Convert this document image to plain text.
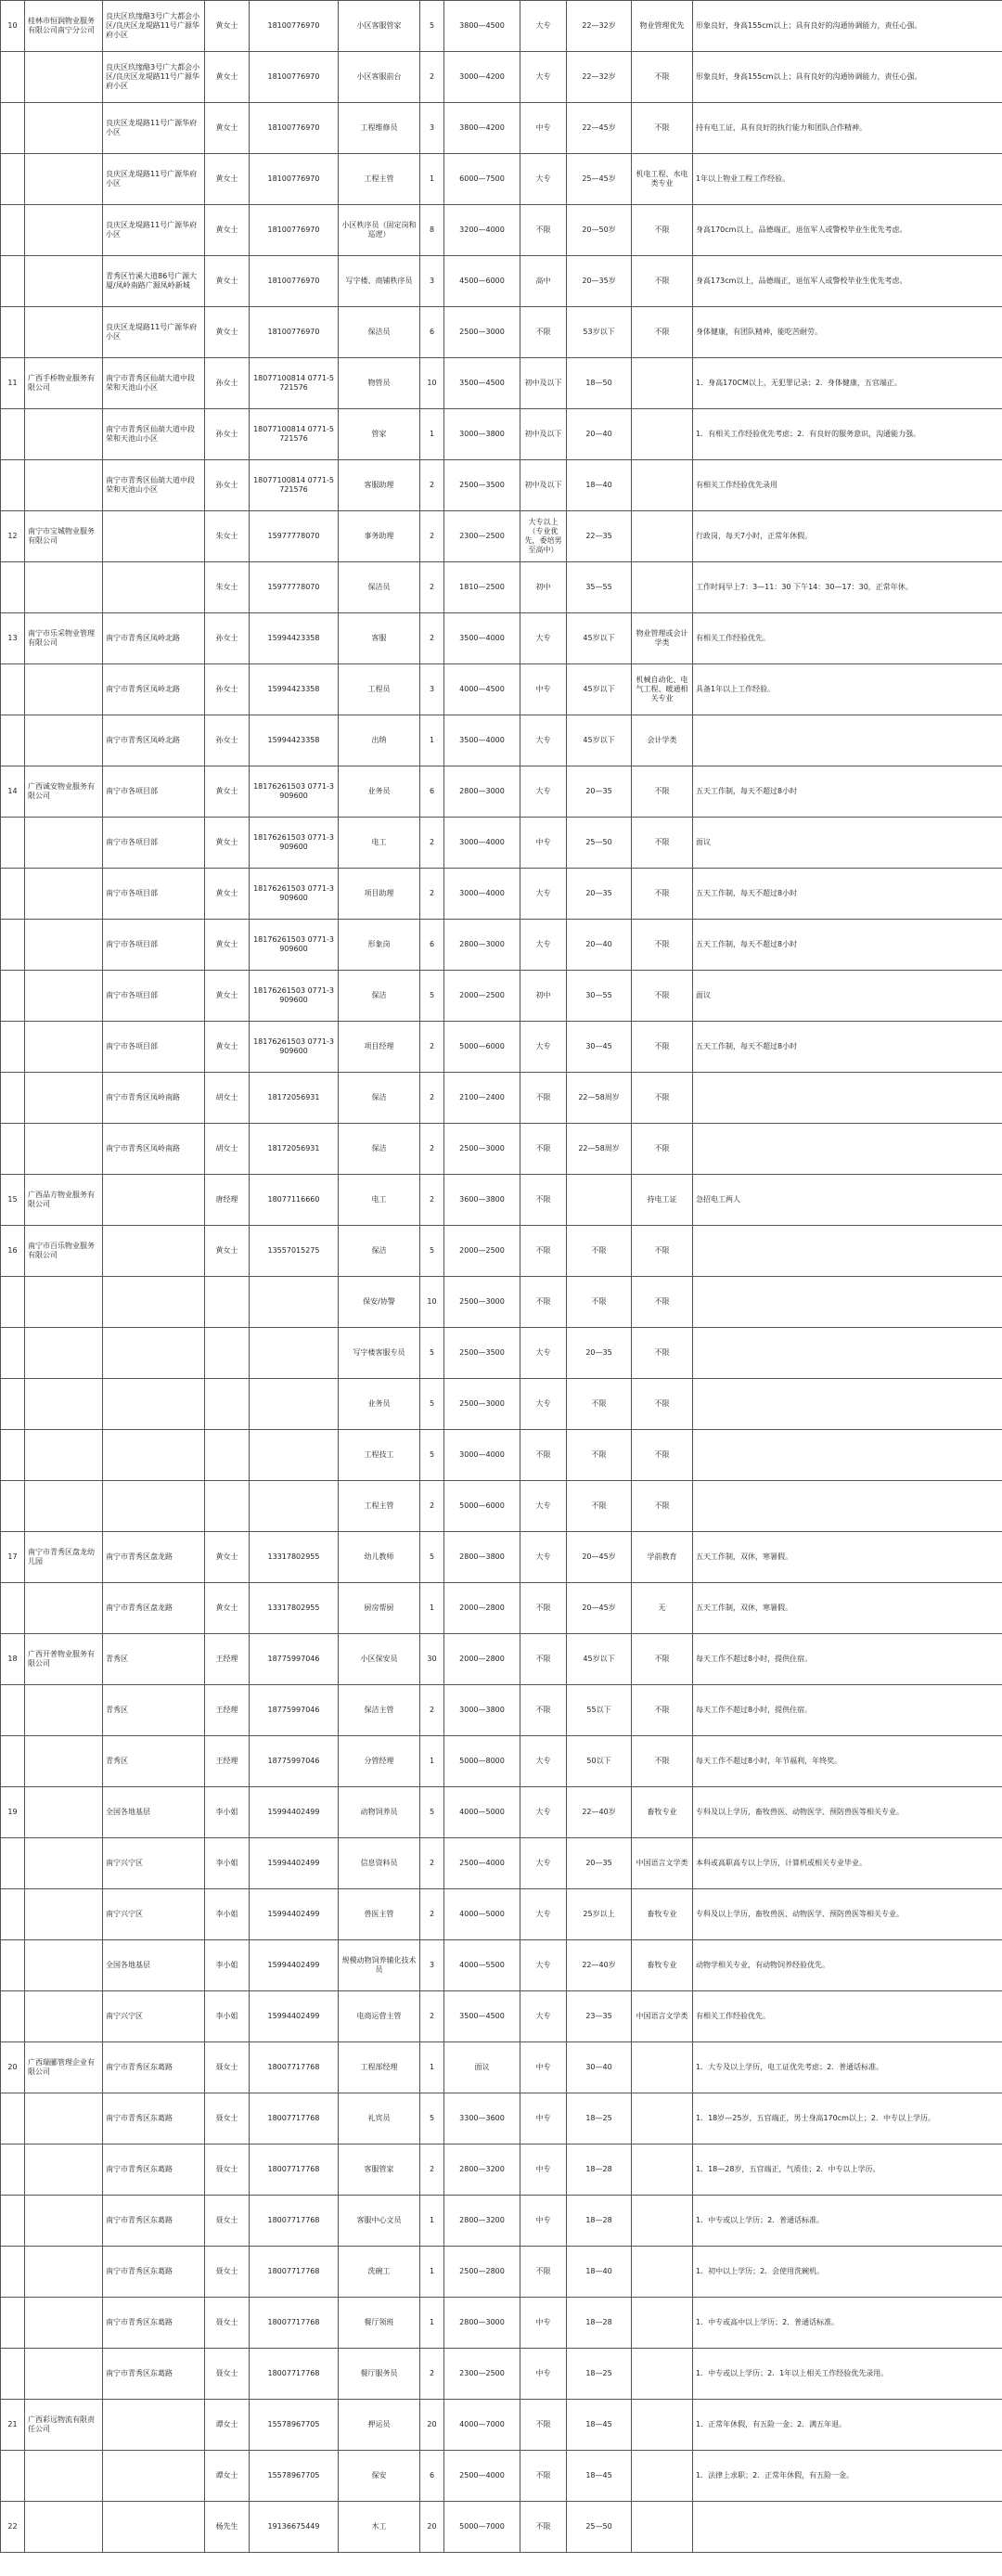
10	桂林市恒润物业服务有限公司南宁分公司	良庆区玖缘酪3号广大都会小区/良庆区龙堤路11号广源华府小区	黄女士	18100776970	小区客服管家	5	3800—4500	大专	22—32岁	物业管理优先	形象良好，身高155cm以上；具有良好的沟通协调能力，责任心强。
		良庆区玖缘酪3号广大都会小区/良庆区龙堤路11号广源华府小区	黄女士	18100776970	小区客服前台	2	3000—4200	大专	22—32岁	不限	形象良好，身高155cm以上；具有良好的沟通协调能力，责任心强。
		良庆区龙堤路11号广源华府小区	黄女士	18100776970	工程维修员	3	3800—4200	中专	22—45岁	不限	持有电工证，具有良好的执行能力和团队合作精神。
		良庆区龙堤路11号广源华府小区	黄女士	18100776970	工程主管	1	6000—7500	大专	25—45岁	机电工程、水电类专业	1年以上物业工程工作经验。
		良庆区龙堤路11号广源华府小区	黄女士	18100776970	小区秩序员（固定岗和巡逻）	8	3200—4000	不限	20—50岁	不限	身高170cm以上，品德端正，退伍军人或警校毕业生优先考虑。
		青秀区竹溪大道86号广源大厦/凤岭南路广源凤岭新城	黄女士	18100776970	写字楼、商铺秩序员	3	4500—6000	高中	20—35岁	不限	身高173cm以上，品德端正，退伍军人或警校毕业生优先考虑。
		良庆区龙堤路11号广源华府小区	黄女士	18100776970	保洁员	6	2500—3000	不限	53岁以下	不限	身体健康，有团队精神，能吃苦耐劳。
11	广西手桥物业服务有限公司	南宁市青秀区仙葫大道中段荣和天池山小区	孙女士	18077100814 0771-5721576	物管员	10	3500—4500	初中及以下	18—50		1．身高170CM以上，无犯罪记录；2．身体健康，五官端正。
		南宁市青秀区仙葫大道中段荣和天池山小区	孙女士	18077100814 0771-5721576	管家	1	3000—3800	初中及以下	20—40		1．有相关工作经验优先考虑；2．有良好的服务意识，沟通能力强。
		南宁市青秀区仙葫大道中段荣和天池山小区	孙女士	18077100814 0771-5721576	客服助理	2	2500—3500	初中及以下	18—40		有相关工作经验优先录用
12	南宁市宝城物业服务有限公司		朱女士	15977778070	事务助理	2	2300—2500	大专以上（专业优先，委培男至高中）	22—35		行政岗，每天7小时，正常年休假。
			朱女士	15977778070	保洁员	2	1810—2500	初中	35—55		工作时间早上7：3—11：30 下午14：30—17：30，正常年休。
13	南宁市乐采物业管理有限公司	南宁市青秀区凤岭北路	孙女士	15994423358	客服	2	3500—4000	大专	45岁以下	物业管理或会计学类	有相关工作经验优先。
		南宁市青秀区凤岭北路	孙女士	15994423358	工程员	3	4000—4500	中专	45岁以下	机械自动化、电气工程、暖通相关专业	具备1年以上工作经验。
		南宁市青秀区凤岭北路	孙女士	15994423358	出纳	1	3500—4000	大专	45岁以下	会计学类	
14	广西诚安物业服务有限公司	南宁市各项目部	黄女士	18176261503 0771-3909600	业务员	6	2800—3000	大专	20—35	不限	五天工作制，每天不超过8小时
		南宁市各项目部	黄女士	18176261503 0771-3909600	电工	2	3000—4000	中专	25—50	不限	面议
		南宁市各项目部	黄女士	18176261503 0771-3909600	项目助理	2	3000—4000	大专	20—35	不限	五天工作制，每天不超过8小时
		南宁市各项目部	黄女士	18176261503 0771-3909600	形象岗	6	2800—3000	大专	20—40	不限	五天工作制，每天不超过8小时
		南宁市各项目部	黄女士	18176261503 0771-3909600	保洁	5	2000—2500	初中	30—55	不限	面议
		南宁市各项目部	黄女士	18176261503 0771-3909600	项目经理	2	5000—6000	大专	30—45	不限	五天工作制，每天不超过8小时
		南宁市青秀区凤岭南路	胡女士	18172056931	保洁	2	2100—2400	不限	22—58周岁	不限	
		南宁市青秀区凤岭南路	胡女士	18172056931	保洁	2	2500—3000	不限	22—58周岁	不限	
15	广西品方物业服务有限公司		唐经理	18077116660	电工	2	3600—3800	不限		持电工证	急招电工两人
16	南宁市百乐物业服务有限公司		黄女士	13557015275	保洁	5	2000—2500	不限	不限	不限	
					保安/协警	10	2500—3000	不限	不限	不限	
					写字楼客服专员	5	2500—3500	大专	20—35	不限	
					业务员	5	2500—3000	大专	不限	不限	
					工程技工	5	3000—4000	不限	不限	不限	
					工程主管	2	5000—6000	大专	不限	不限	
17	南宁市青秀区盘龙幼儿园	南宁市青秀区盘龙路	黄女士	13317802955	幼儿教师	5	2800—3800	大专	20—45岁	学前教育	五天工作制，双休，寒暑假。
		南宁市青秀区盘龙路	黄女士	13317802955	厨房帮厨	1	2000—2800	不限	20—45岁	无	五天工作制，双休，寒暑假。
18	广西开普物业服务有限公司	青秀区	王经理	18775997046	小区保安员	30	2000—2800	不限	45岁以下	不限	每天工作不超过8小时，提供住宿。
		青秀区	王经理	18775997046	保洁主管	2	3000—3800	不限	55以下	不限	每天工作不超过8小时，提供住宿。
		青秀区	王经理	18775997046	分管经理	1	5000—8000	大专	50以下	不限	每天工作不超过8小时，年节福利，年终奖。
19		全国各地基层	李小姐	15994402499	动物饲养员	5	4000—5000	大专	22—40岁	畜牧专业	专科及以上学历，畜牧兽医、动物医学、预防兽医等相关专业。
		南宁兴宁区	李小姐	15994402499	信息资料员	2	2500—4000	大专	20—35	中国语言文学类	本科或高职高专以上学历，计算机或相关专业毕业。
		南宁兴宁区	李小姐	15994402499	兽医主管	2	4000—5000	大专	25岁以上	畜牧专业	专科及以上学历，畜牧兽医、动物医学、预防兽医等相关专业。
		全国各地基层	李小姐	15994402499	规模动物饲养辅化技术员	3	4000—5500	大专	22—40岁	畜牧专业	动物学相关专业，有动物饲养经验优先。
		南宁兴宁区	李小姐	15994402499	电商运营主管	2	3500—4500	大专	23—35	中国语言文学类	有相关工作经验优先。
20	广西瑞郦管理企业有限公司	南宁市青秀区东葛路	聂女士	18007717768	工程部经理	1	面议	中专	30—40		1．大专及以上学历，电工证优先考虑；2．普通话标准。
		南宁市青秀区东葛路	聂女士	18007717768	礼宾员	5	3300—3600	中专	18—25		1．18岁—25岁，五官端正，男士身高170cm以上；2．中专以上学历。
		南宁市青秀区东葛路	聂女士	18007717768	客服管家	2	2800—3200	中专	18—28		1．18—28岁，五官端正，气质佳；2．中专以上学历。
		南宁市青秀区东葛路	聂女士	18007717768	客服中心文员	1	2800—3200	中专	18—28		1．中专或以上学历；2．普通话标准。
		南宁市青秀区东葛路	聂女士	18007717768	洗碗工	1	2500—2800	不限	18—40		1．初中以上学历；2．会使用洗碗机。
		南宁市青秀区东葛路	聂女士	18007717768	餐厅领班	1	2800—3000	中专	18—28		1．中专或高中以上学历；2．普通话标准。
		南宁市青秀区东葛路	聂女士	18007717768	餐厅服务员	2	2300—2500	中专	18—25		1．中专或以上学历；2．1年以上相关工作经验优先录用。
21	广西彩远物流有限责任公司		谭女士	15578967705	押运员	20	4000—7000	不限	18—45		1．正常年休假，有五险一金；2．满五年退。
			谭女士	15578967705	保安	6	2500—4000	不限	18—45		1．法律上求职；2．正常年休假，有五险一金。
22			杨先生	19136675449	木工	20	5000—7000	不限	25—50		
